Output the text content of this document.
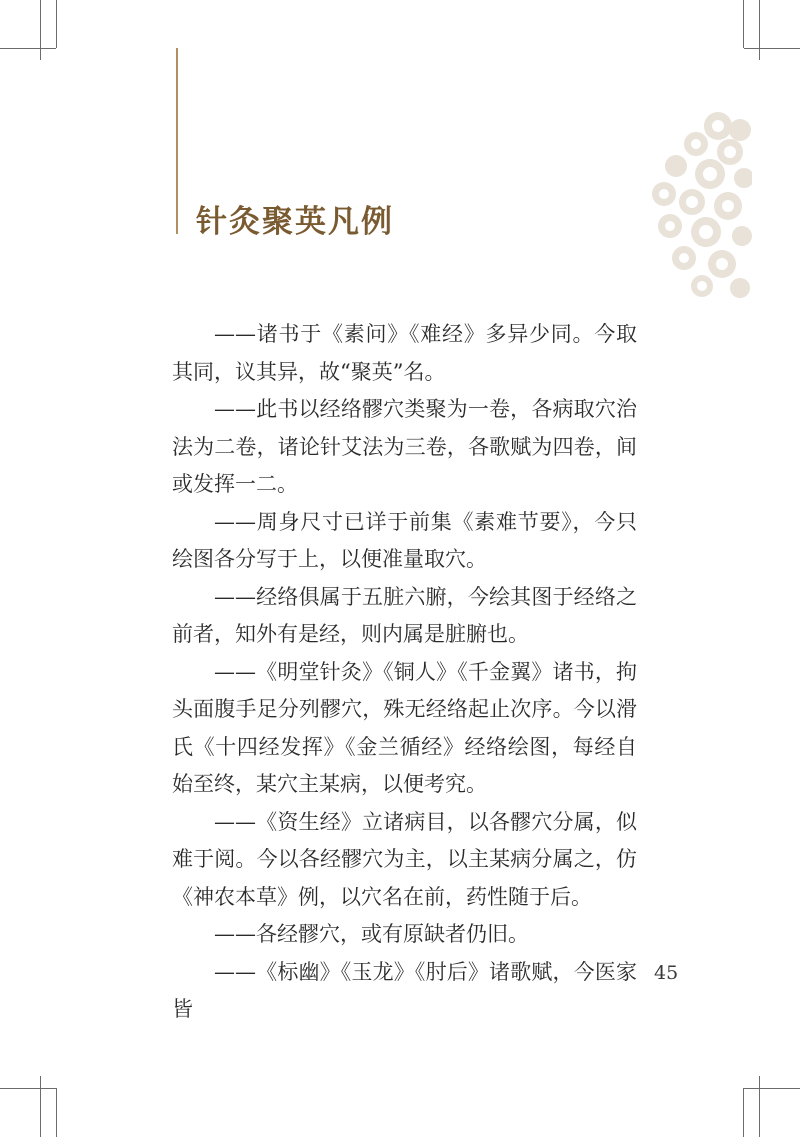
针灸聚英凡例

——诸书于《素问》《难经》多异少同。今取其同，议其异，故“聚英”名。

——此书以经络髎穴类聚为一卷，各病取穴治法为二卷，诸论针艾法为三卷，各歌赋为四卷，间或发挥一二。

——周身尺寸已详于前集《素难节要》，今只绘图各分写于上，以便准量取穴。

——经络俱属于五脏六腑，今绘其图于经络之前者，知外有是经，则内属是脏腑也。

——《明堂针灸》《铜人》《千金翼》诸书，拘头面腹手足分列髎穴，殊无经络起止次序。今以滑氏《十四经发挥》《金兰循经》经络绘图，每经自始至终，某穴主某病，以便考究。

——《资生经》立诸病目，以各髎穴分属，似难于阅。今以各经髎穴为主，以主某病分属之，仿《神农本草》例，以穴名在前，药性随于后。

——各经髎穴，或有原缺者仍旧。

——《标幽》《玉龙》《肘后》诸歌赋，今医家皆

45
